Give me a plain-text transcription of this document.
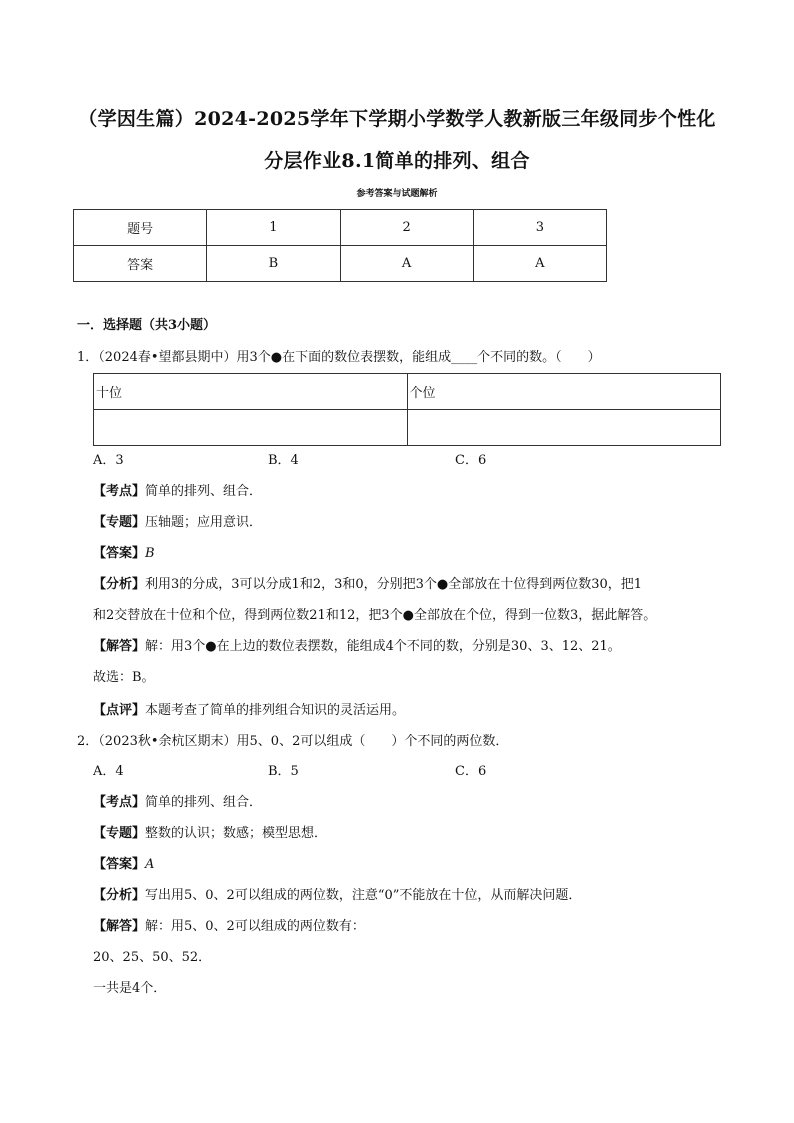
（学因生篇）2024-2025学年下学期小学数学人教新版三年级同步个性化
分层作业8.1简单的排列、组合
参考答案与试题解析
题号	1	2	3
答案	B	A	A
一．选择题（共3小题）
1．（2024春•望都县期中）用3个●在下面的数位表摆数，能组成____个不同的数。（　　）
十位	个位

A．3	B．4	C．6
【考点】简单的排列、组合．
【专题】压轴题；应用意识．
【答案】B
【分析】利用3的分成，3可以分成1和2，3和0，分别把3个●全部放在十位得到两位数30，把1
和2交替放在十位和个位，得到两位数21和12，把3个●全部放在个位，得到一位数3，据此解答。
【解答】解：用3个●在上边的数位表摆数，能组成4个不同的数，分别是30、3、12、21。
故选：B。
【点评】本题考查了简单的排列组合知识的灵活运用。
2．（2023秋•余杭区期末）用5、0、2可以组成（　　）个不同的两位数．
A．4	B．5	C．6
【考点】简单的排列、组合．
【专题】整数的认识；数感；模型思想．
【答案】A
【分析】写出用5、0、2可以组成的两位数，注意“0”不能放在十位，从而解决问题．
【解答】解：用5、0、2可以组成的两位数有：
20、25、50、52．
一共是4个．
